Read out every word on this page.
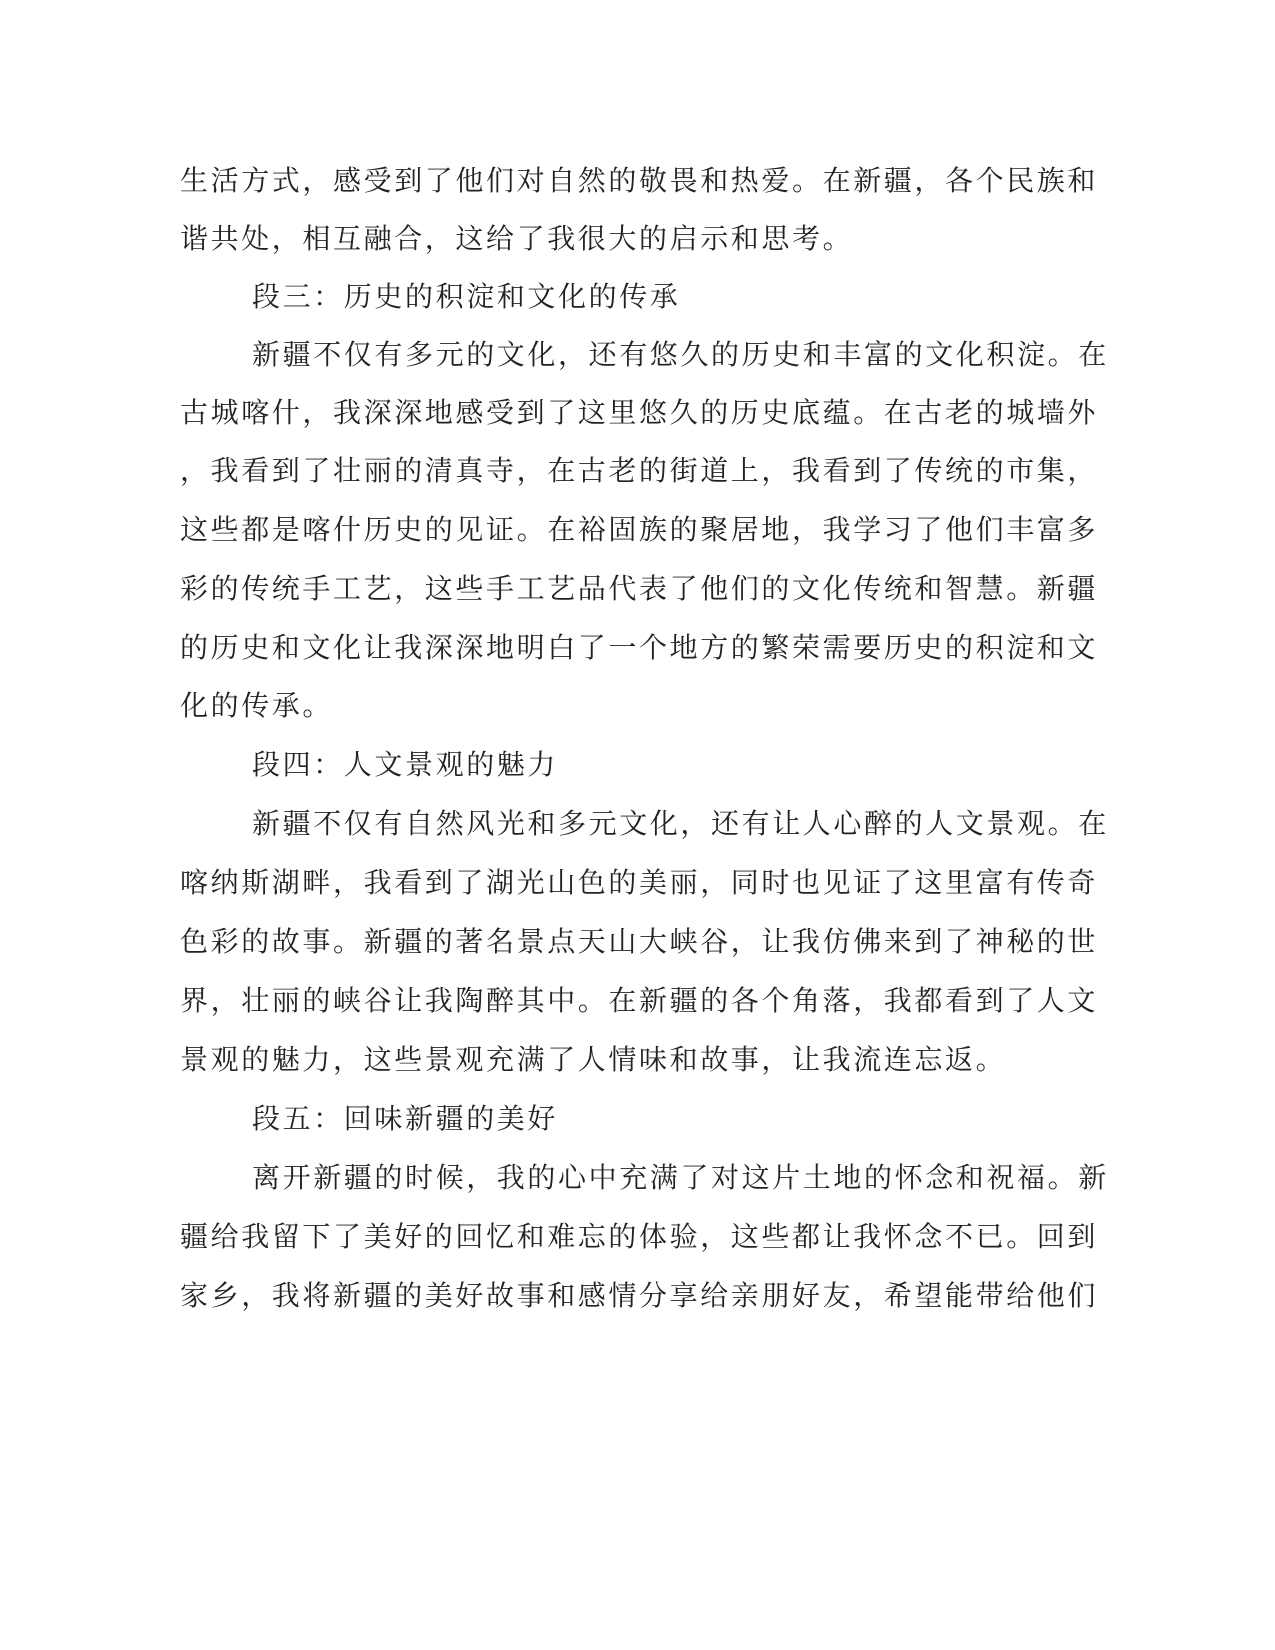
生活方式，感受到了他们对自然的敬畏和热爱。在新疆，各个民族和
谐共处，相互融合，这给了我很大的启示和思考。
段三：历史的积淀和文化的传承
新疆不仅有多元的文化，还有悠久的历史和丰富的文化积淀。在
古城喀什，我深深地感受到了这里悠久的历史底蕴。在古老的城墙外
，我看到了壮丽的清真寺，在古老的街道上，我看到了传统的市集，
这些都是喀什历史的见证。在裕固族的聚居地，我学习了他们丰富多
彩的传统手工艺，这些手工艺品代表了他们的文化传统和智慧。新疆
的历史和文化让我深深地明白了一个地方的繁荣需要历史的积淀和文
化的传承。
段四：人文景观的魅力
新疆不仅有自然风光和多元文化，还有让人心醉的人文景观。在
喀纳斯湖畔，我看到了湖光山色的美丽，同时也见证了这里富有传奇
色彩的故事。新疆的著名景点天山大峡谷，让我仿佛来到了神秘的世
界，壮丽的峡谷让我陶醉其中。在新疆的各个角落，我都看到了人文
景观的魅力，这些景观充满了人情味和故事，让我流连忘返。
段五：回味新疆的美好
离开新疆的时候，我的心中充满了对这片土地的怀念和祝福。新
疆给我留下了美好的回忆和难忘的体验，这些都让我怀念不已。回到
家乡，我将新疆的美好故事和感情分享给亲朋好友，希望能带给他们
